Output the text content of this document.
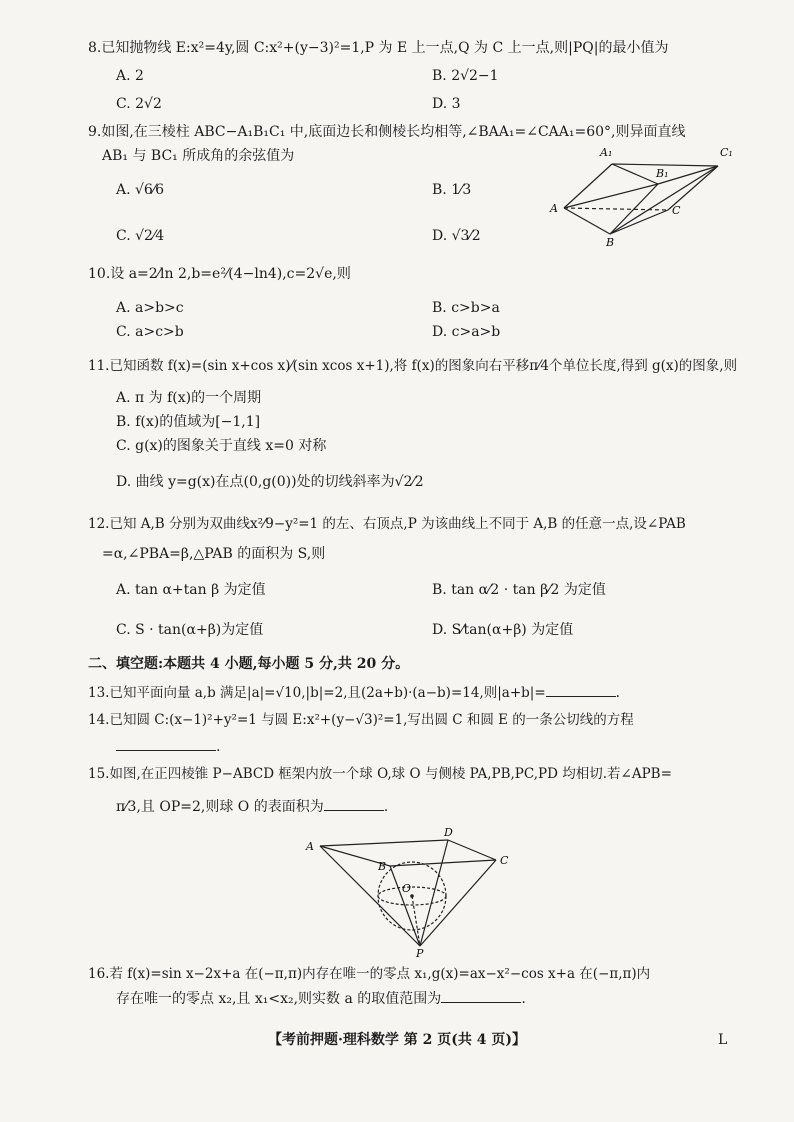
8.已知抛物线 E:x²=4y,圆 C:x²+(y−3)²=1,P 为 E 上一点,Q 为 C 上一点,则|PQ|的最小值为
A. 2	B. 2√2−1
C. 2√2	D. 3
9.如图,在三棱柱 ABC−A₁B₁C₁ 中,底面边长和侧棱长均相等,∠BAA₁=∠CAA₁=60°,则异面直线
AB₁ 与 BC₁ 所成角的余弦值为
A. √6⁄6	B. 1⁄3
C. √2⁄4	D. √3⁄2
A
B
C
A₁
B₁
C₁
10.设 a=2⁄ln 2,b=e²⁄(4−ln4),c=2√e,则
A. a>b>c	B. c>b>a
C. a>c>b	D. c>a>b
11.已知函数 f(x)=(sin x+cos x)⁄(sin xcos x+1),将 f(x)的图象向右平移π⁄4个单位长度,得到 g(x)的图象,则
A. π 为 f(x)的一个周期
B. f(x)的值域为[−1,1]
C. g(x)的图象关于直线 x=0 对称
D. 曲线 y=g(x)在点(0,g(0))处的切线斜率为√2⁄2
12.已知 A,B 分别为双曲线x²⁄9−y²=1 的左、右顶点,P 为该曲线上不同于 A,B 的任意一点,设∠PAB
=α,∠PBA=β,△PAB 的面积为 S,则
A. tan α+tan β 为定值	B. tan α⁄2 · tan β⁄2 为定值
C. S · tan(α+β)为定值	D. S⁄tan(α+β) 为定值
二、填空题:本题共 4 小题,每小题 5 分,共 20 分。
13.已知平面向量 a,b 满足|a|=√10,|b|=2,且(2a+b)·(a−b)=14,则|a+b|=	.
14.已知圆 C:(x−1)²+y²=1 与圆 E:x²+(y−√3)²=1,写出圆 C 和圆 E 的一条公切线的方程
.
15.如图,在正四棱锥 P−ABCD 框架内放一个球 O,球 O 与侧棱 PA,PB,PC,PD 均相切.若∠APB=
π⁄3,且 OP=2,则球 O 的表面积为	.
A
B	C
D
O
P
16.若 f(x)=sin x−2x+a 在(−π,π)内存在唯一的零点 x₁,g(x)=ax−x²−cos x+a 在(−π,π)内
存在唯一的零点 x₂,且 x₁<x₂,则实数 a 的取值范围为	.
【考前押题·理科数学 第 2 页(共 4 页)】	L
